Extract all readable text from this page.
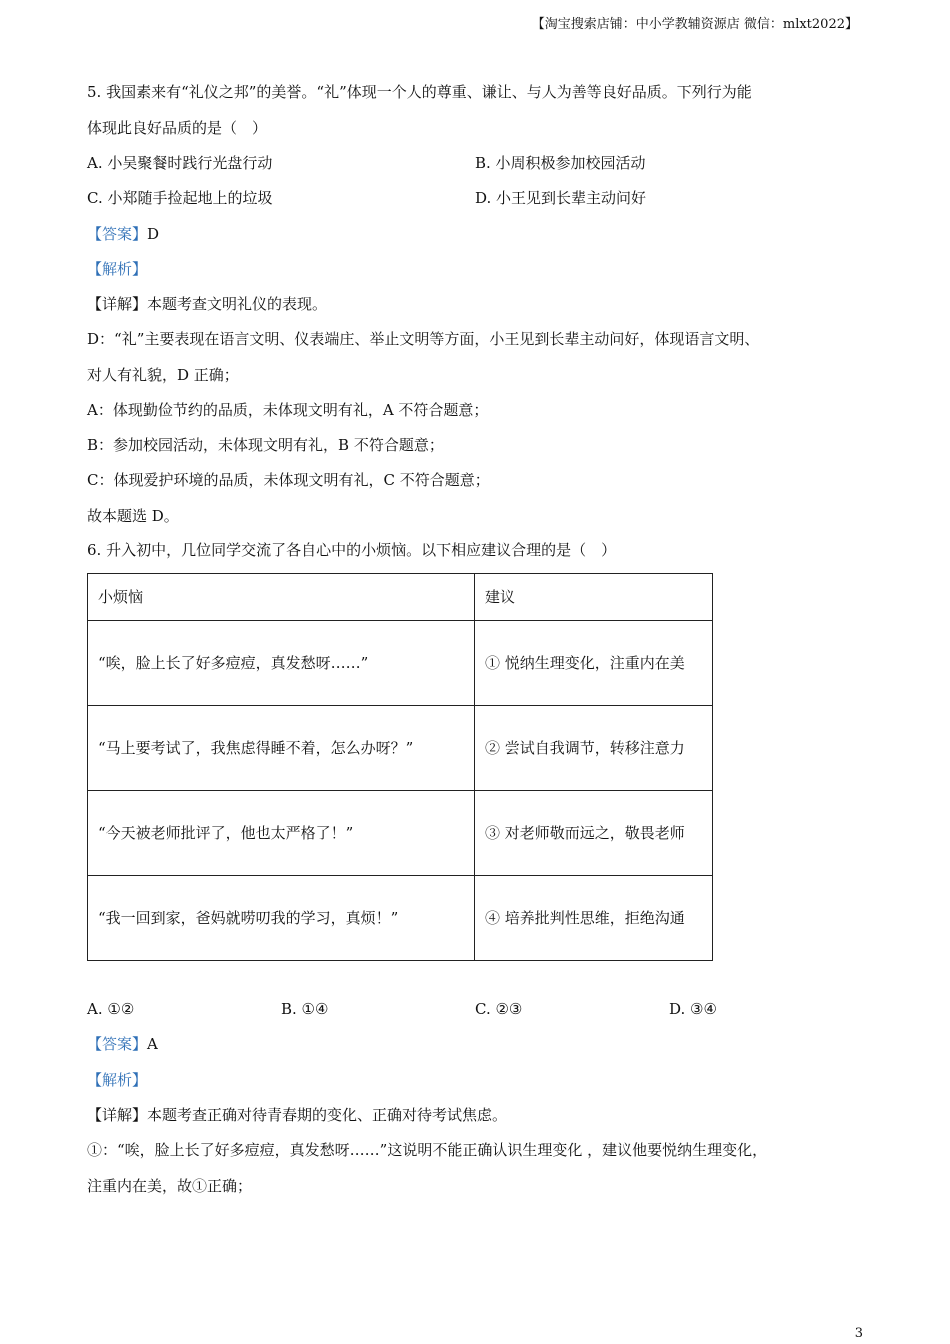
【淘宝搜索店铺：中小学教辅资源店 微信：mlxt2022】
5. 我国素来有“礼仪之邦”的美誉。“礼”体现一个人的尊重、谦让、与人为善等良好品质。下列行为能
体现此良好品质的是（　）
A. 小吴聚餐时践行光盘行动	B. 小周积极参加校园活动
C. 小郑随手捡起地上的垃圾	D. 小王见到长辈主动问好
【答案】D
【解析】
【详解】本题考查文明礼仪的表现。
D：“礼”主要表现在语言文明、仪表端庄、举止文明等方面，小王见到长辈主动问好，体现语言文明、
对人有礼貌，D 正确；
A：体现勤俭节约的品质，未体现文明有礼，A 不符合题意；
B：参加校园活动，未体现文明有礼，B 不符合题意；
C：体现爱护环境的品质，未体现文明有礼，C 不符合题意；
故本题选 D。
6. 升入初中，几位同学交流了各自心中的小烦恼。以下相应建议合理的是（　）
小烦恼	建议
“唉，脸上长了好多痘痘，真发愁呀……”	① 悦纳生理变化，注重内在美

“马上要考试了，我焦虑得睡不着，怎么办呀？”	② 尝试自我调节，转移注意力

“今天被老师批评了，他也太严格了！”	③ 对老师敬而远之，敬畏老师

“我一回到家，爸妈就唠叨我的学习，真烦！”	④ 培养批判性思维，拒绝沟通
A. ①②	B. ①④	C. ②③	D. ③④
【答案】A
【解析】
【详解】本题考查正确对待青春期的变化、正确对待考试焦虑。
①：“唉，脸上长了好多痘痘，真发愁呀……”这说明不能正确认识生理变化 ，建议他要悦纳生理变化，
注重内在美，故①正确；
3
